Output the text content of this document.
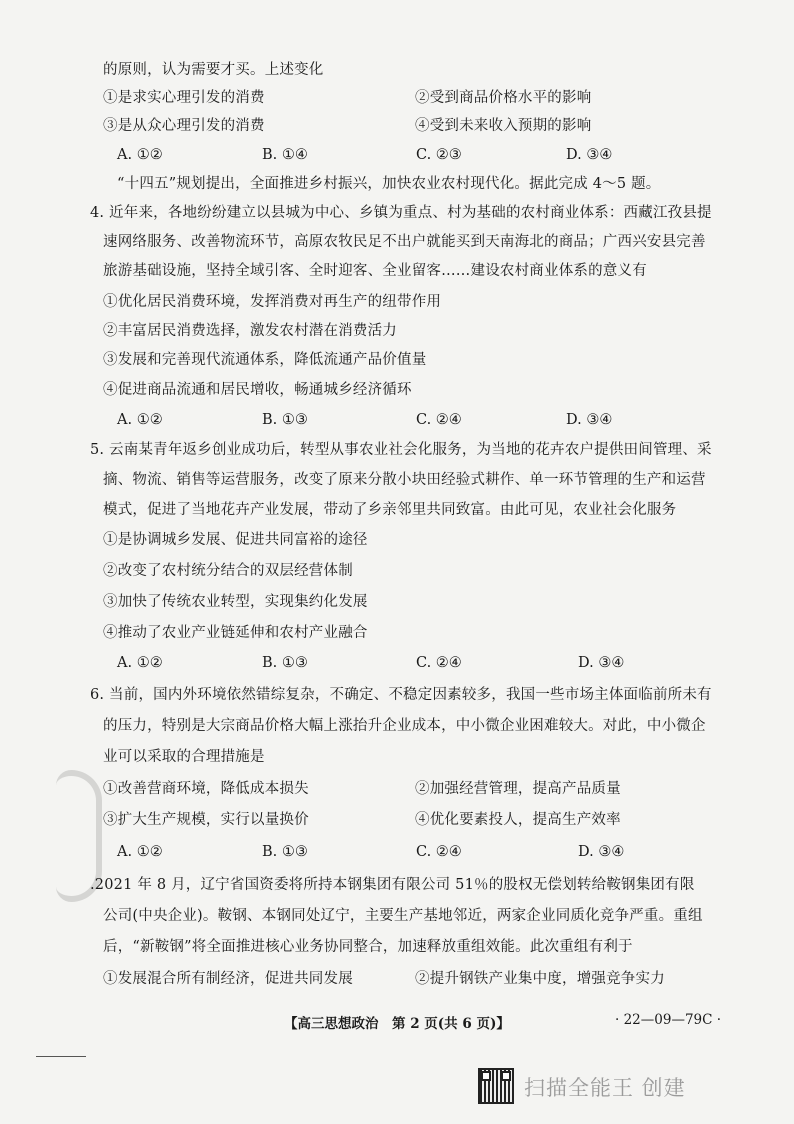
的原则，认为需要才买。上述变化
①是求实心理引发的消费	②受到商品价格水平的影响
③是从众心理引发的消费	④受到未来收入预期的影响
A. ①②	B. ①④	C. ②③	D. ③④
“十四五”规划提出，全面推进乡村振兴，加快农业农村现代化。据此完成 4～5 题。
4. 近年来，各地纷纷建立以县城为中心、乡镇为重点、村为基础的农村商业体系：西藏江孜县提
速网络服务、改善物流环节，高原农牧民足不出户就能买到天南海北的商品；广西兴安县完善
旅游基础设施，坚持全域引客、全时迎客、全业留客……建设农村商业体系的意义有
①优化居民消费环境，发挥消费对再生产的纽带作用
②丰富居民消费选择，激发农村潜在消费活力
③发展和完善现代流通体系，降低流通产品价值量
④促进商品流通和居民增收，畅通城乡经济循环
A. ①②	B. ①③	C. ②④	D. ③④
5. 云南某青年返乡创业成功后，转型从事农业社会化服务，为当地的花卉农户提供田间管理、采
摘、物流、销售等运营服务，改变了原来分散小块田经验式耕作、单一环节管理的生产和运营
模式，促进了当地花卉产业发展，带动了乡亲邻里共同致富。由此可见，农业社会化服务
①是协调城乡发展、促进共同富裕的途径
②改变了农村统分结合的双层经营体制
③加快了传统农业转型，实现集约化发展
④推动了农业产业链延伸和农村产业融合
A. ①②	B. ①③	C. ②④	D. ③④
6. 当前，国内外环境依然错综复杂，不确定、不稳定因素较多，我国一些市场主体面临前所未有
的压力，特别是大宗商品价格大幅上涨抬升企业成本，中小微企业困难较大。对此，中小微企
业可以采取的合理措施是
①改善营商环境，降低成本损失	②加强经营管理，提高产品质量
③扩大生产规模，实行以量换价	④优化要素投人，提高生产效率
A. ①②	B. ①③	C. ②④	D. ③④
.2021 年 8 月，辽宁省国资委将所持本钢集团有限公司 51％的股权无偿划转给鞍钢集团有限
公司(中央企业)。鞍钢、本钢同处辽宁，主要生产基地邻近，两家企业同质化竞争严重。重组
后，“新鞍钢”将全面推进核心业务协同整合，加速释放重组效能。此次重组有利于
①发展混合所有制经济，促进共同发展	②提升钢铁产业集中度，增强竞争实力
【高三思想政治　第 2 页(共 6 页)】	· 22—09—79C ·
扫描全能王 创建
